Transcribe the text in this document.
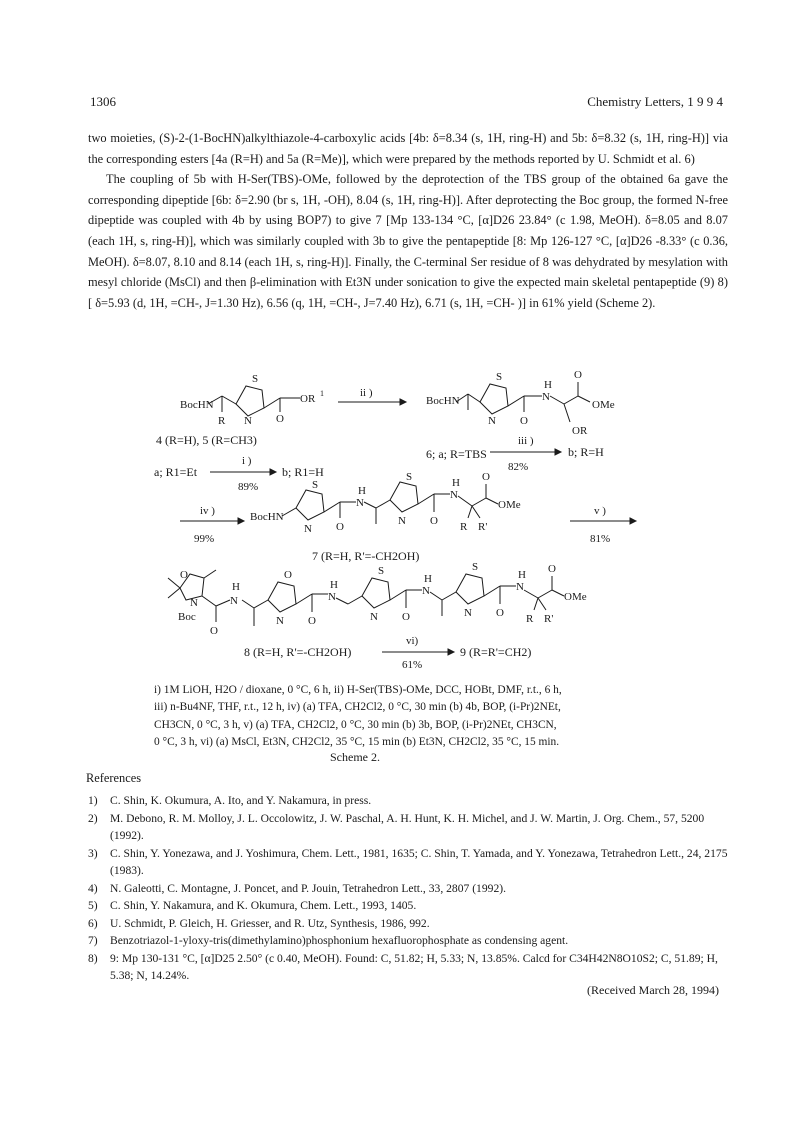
1306	Chemistry Letters, 1 9 9 4

two moieties, (S)-2-(1-BocHN)alkylthiazole-4-carboxylic acids [4b: δ=8.34 (s, 1H, ring-H) and 5b: δ=8.32 (s, 1H, ring-H)] via the corresponding esters [4a (R=H) and 5a (R=Me)], which were prepared by the methods reported by U. Schmidt et al. 6)

The coupling of 5b with H-Ser(TBS)-OMe, followed by the deprotection of the TBS group of the obtained 6a gave the corresponding dipeptide [6b: δ=2.90 (br s, 1H, -OH), 8.04 (s, 1H, ring-H)]. After deprotecting the Boc group, the formed N-free dipeptide was coupled with 4b by using BOP7) to give 7 [Mp 133-134 °C, [α]D26 23.84° (c 1.98, MeOH). δ=8.05 and 8.07 (each 1H, s, ring-H)], which was similarly coupled with 3b to give the pentapeptide [8: Mp 126-127 °C, [α]D26 -8.33° (c 0.36, MeOH). δ=8.07, 8.10 and 8.14 (each 1H, s, ring-H)]. Finally, the C-terminal Ser residue of 8 was dehydrated by mesylation with mesyl chloride (MsCl) and then β-elimination with Et3N under sonication to give the expected main skeletal pentapeptide (9) 8)[ δ=5.93 (d, 1H, =CH-, J=1.30 Hz), 6.56 (q, 1H, =CH-, J=7.40 Hz), 6.71 (s, 1H, =CH- )] in 61% yield (Scheme 2).

BocHN
S
N O
R
OR 1
4 (R=H), 5 (R=CH3)
ii )
BocHN
S
N O
N
H
O
OMe
OR
iii )
6; a; R=TBS
82%
b; R=H
i )
a; R1=Et	b; R1=H
89%
iv )
99%
BocHN
S
N O
N
H
S
N O
N
H O
OMe
R R'
7 (R=H, R'=-CH2OH)
v )
81%
O
N
Boc
O
N
H
O
N O
N
H
S
N O
N
H
S
N O
N
H O
OMe
R R'
8 (R=H, R'=-CH2OH)
vi)
61%
9 (R=R'=CH2)

i) 1M LiOH, H2O / dioxane, 0 °C, 6 h, ii) H-Ser(TBS)-OMe, DCC, HOBt, DMF, r.t., 6 h,

iii) n-Bu4NF, THF, r.t., 12 h, iv) (a) TFA, CH2Cl2, 0 °C, 30 min (b) 4b, BOP, (i-Pr)2NEt,

CH3CN, 0 °C, 3 h, v) (a) TFA, CH2Cl2, 0 °C, 30 min (b) 3b, BOP, (i-Pr)2NEt, CH3CN,

0 °C, 3 h, vi) (a) MsCl, Et3N, CH2Cl2, 35 °C, 15 min (b) Et3N, CH2Cl2, 35 °C, 15 min.

Scheme 2.
References
1) C. Shin, K. Okumura, A. Ito, and Y. Nakamura, in press.
2) M. Debono, R. M. Molloy, J. L. Occolowitz, J. W. Paschal, A. H. Hunt, K. H. Michel, and J. W. Martin, J. Org. Chem., 57, 5200 (1992).
3) C. Shin, Y. Yonezawa, and J. Yoshimura, Chem. Lett., 1981, 1635; C. Shin, T. Yamada, and Y. Yonezawa, Tetrahedron Lett., 24, 2175 (1983).
4) N. Galeotti, C. Montagne, J. Poncet, and P. Jouin, Tetrahedron Lett., 33, 2807 (1992).
5) C. Shin, Y. Nakamura, and K. Okumura, Chem. Lett., 1993, 1405.
6) U. Schmidt, P. Gleich, H. Griesser, and R. Utz, Synthesis, 1986, 992.
7) Benzotriazol-1-yloxy-tris(dimethylamino)phosphonium hexafluorophosphate as condensing agent.
8) 9: Mp 130-131 °C, [α]D25 2.50° (c 0.40, MeOH). Found: C, 51.82; H, 5.33; N, 13.85%. Calcd for C34H42N8O10S2; C, 51.89; H, 5.38; N, 14.24%.
(Received March 28, 1994)
